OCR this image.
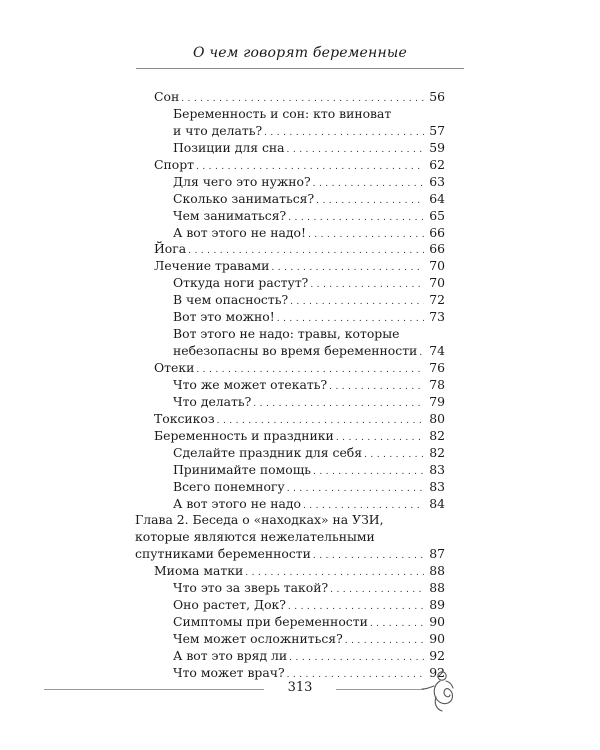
О чем говорят беременные
Сон . . .	56
Беременность и сон: кто виноват
и что делать? . . .	57
Позиции для сна . . .	59
Спорт . . .	62
Для чего это нужно? . . .	63
Сколько заниматься? . . .	64
Чем заниматься? . . .	65
А вот этого не надо! . . .	66
Йога . . .	66
Лечение травами . . .	70
Откуда ноги растут? . . .	70
В чем опасность? . . .	72
Вот это можно! . . .	73
Вот этого не надо: травы, которые
небезопасны во время беременности . . . 74
Отеки . . .	76
Что же может отекать? . . .	78
Что делать? . . .	79
Токсикоз . . .	80
Беременность и праздники . . .	82
Сделайте праздник для себя . . .	82
Принимайте помощь . . .	83
Всего понемногу . . .	83
А вот этого не надо . . .	84
Глава 2. Беседа о «находках» на УЗИ,
которые являются нежелательными
спутниками беременности . . .	87
Миома матки . . .	88
Что это за зверь такой? . . .	88
Оно растет, Док? . . .	89
Симптомы при беременности . . .	90
Чем может осложниться? . . .	90
А вот это вряд ли . . .	92
Что может врач? . . .	92
313
